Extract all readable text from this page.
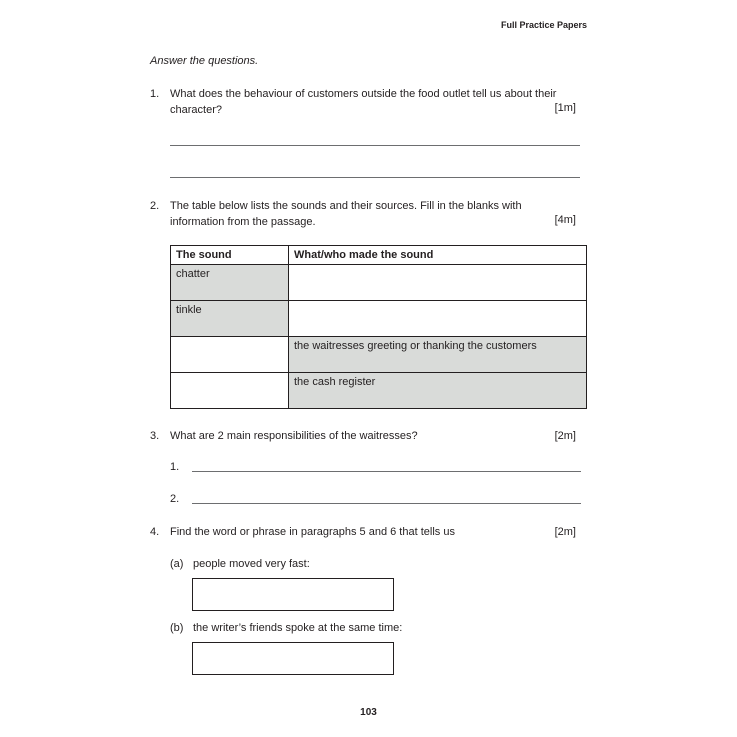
Full Practice Papers
Answer the questions.
1. What does the behaviour of customers outside the food outlet tell us about their
character?	[1m]
2. The table below lists the sounds and their sources. Fill in the blanks with
information from the passage.	[4m]
The sound	What/who made the sound
chatter	
tinkle	
	the waitresses greeting or thanking the customers
	the cash register
3. What are 2 main responsibilities of the waitresses?	[2m]
1.
2.
4. Find the word or phrase in paragraphs 5 and 6 that tells us	[2m]
(a) people moved very fast:
(b) the writer’s friends spoke at the same time:
103
